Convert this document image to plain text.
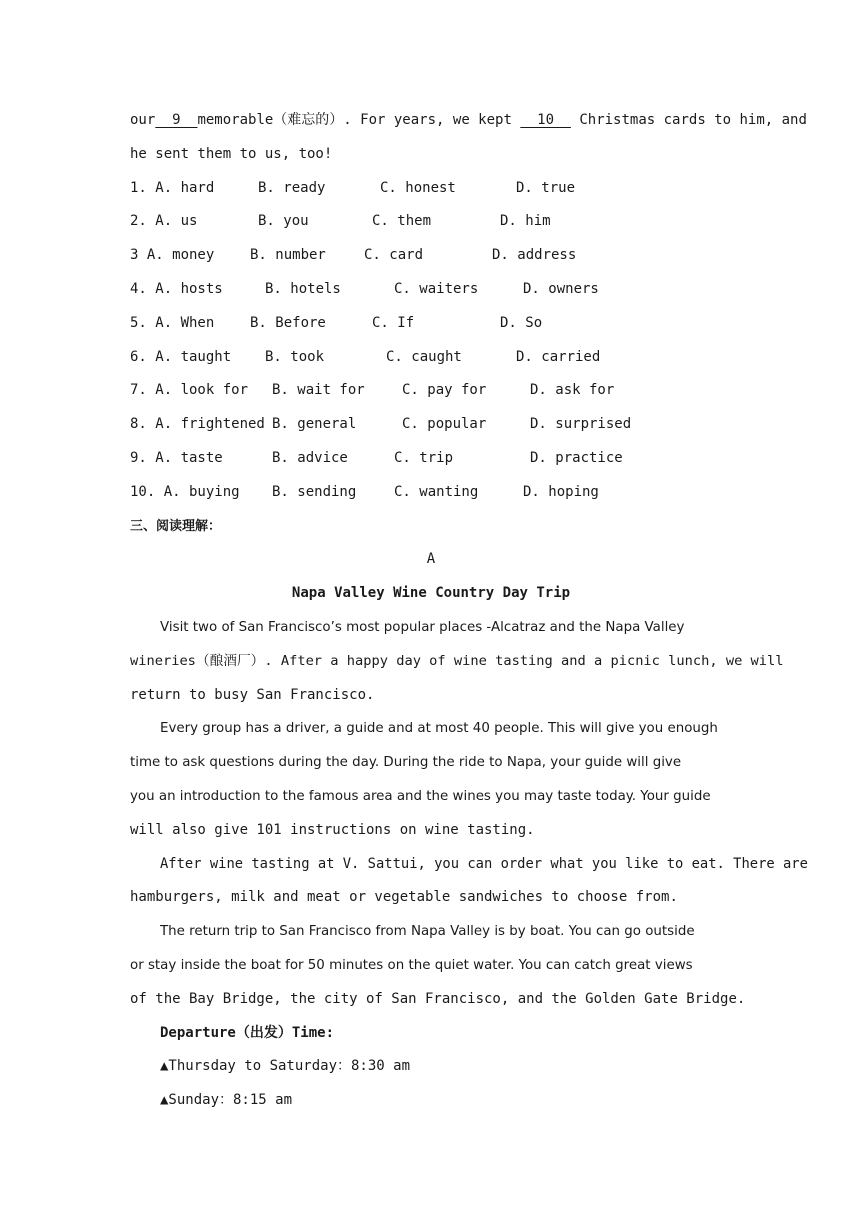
our  9  memorable（难忘的）. For years, we kept   10   Christmas cards to him, and
he sent them to us, too!
1. A. hard	B. ready	C. honest	D. true
2. A. us	B. you	C. them	D. him
3 A. money	B. number	C. card	D. address
4. A. hosts	B. hotels	C. waiters	D. owners
5. A. When	B. Before	C. If	D. So
6. A. taught B. took	C. caught	D. carried
7. A. look for B. wait for	C. pay for	D. ask for
8. A. frightened B. general	C. popular	D. surprised
9. A. taste	B. advice	C. trip	D. practice
10. A. buying B. sending	C. wanting	D. hoping
三、阅读理解：
A
Napa Valley Wine Country Day Trip
Visit two of San Francisco’s most popular places -Alcatraz and the Napa Valley
wineries（酿酒厂）. After a happy day of wine tasting and a picnic lunch, we will
return to busy San Francisco.
Every group has a driver, a guide and at most 40 people. This will give you enough
time to ask questions during the day. During the ride to Napa, your guide will give
you an introduction to the famous area and the wines you may taste today. Your guide
will also give 101 instructions on wine tasting.
After wine tasting at V. Sattui, you can order what you like to eat. There are
hamburgers, milk and meat or vegetable sandwiches to choose from.
The return trip to San Francisco from Napa Valley is by boat. You can go outside
or stay inside the boat for 50 minutes on the quiet water. You can catch great views
of the Bay Bridge, the city of San Francisco, and the Golden Gate Bridge.
Departure（出发）Time:
▲Thursday to Saturday：8:30 am
▲Sunday：8:15 am
